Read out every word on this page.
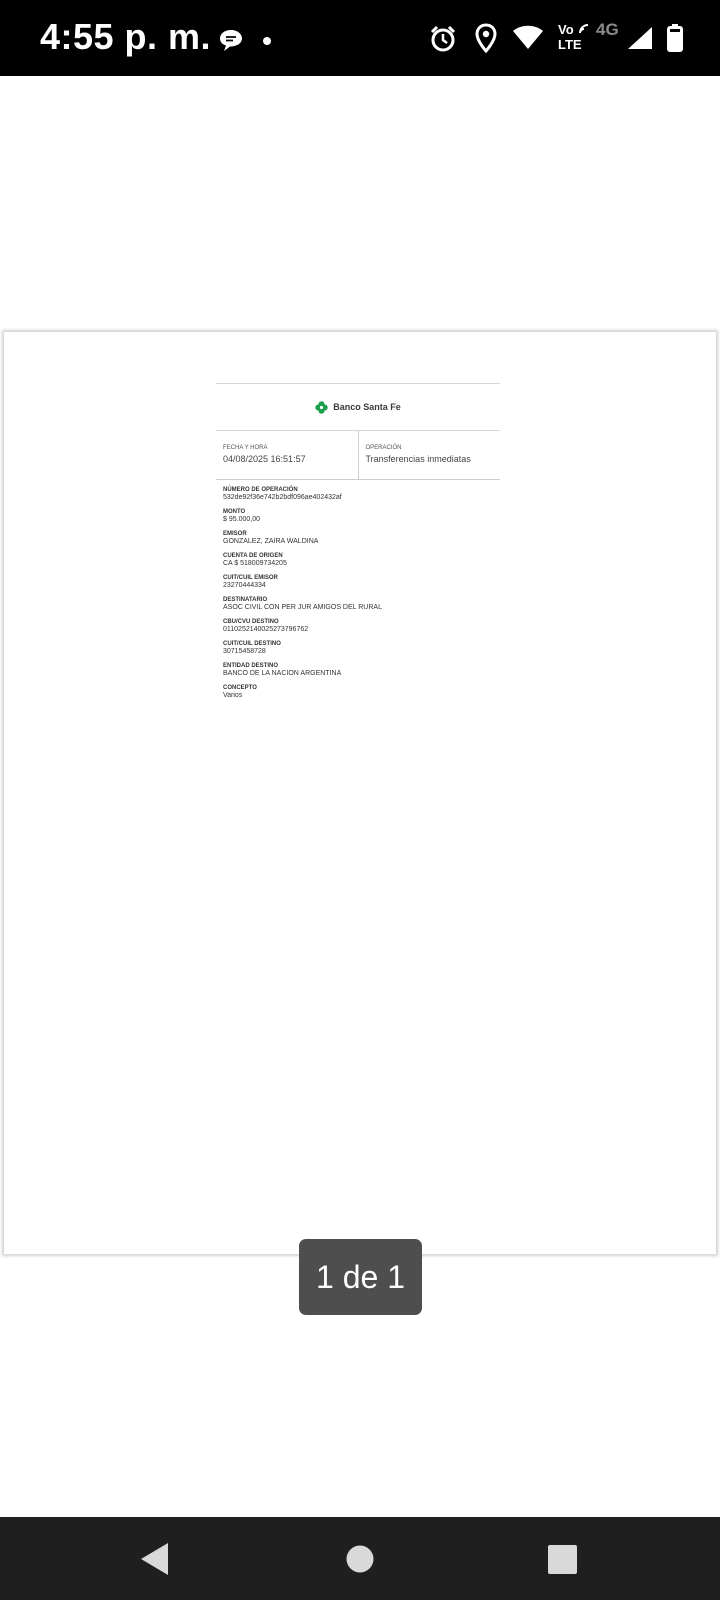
4:55 p. m.	Vo
LTE
4G
Banco Santa Fe
FECHA Y HORA
04/08/2025 16:51:57
OPERACIÓN
Transferencias inmediatas
NÚMERO DE OPERACIÓN
532de92f36e742b2bdf096ae402432af
MONTO
$ 95.000,00
EMISOR
GONZALEZ, ZAIRA WALDINA
CUENTA DE ORIGEN
CA $ 518009734205
CUIT/CUIL EMISOR
23270444334
DESTINATARIO
ASOC CIVIL CON PER JUR AMIGOS DEL RURAL
CBU/CVU DESTINO
0110252140025273796762
CUIT/CUIL DESTINO
30715458728
ENTIDAD DESTINO
BANCO DE LA NACION ARGENTINA
CONCEPTO
Varios
1 de 1
